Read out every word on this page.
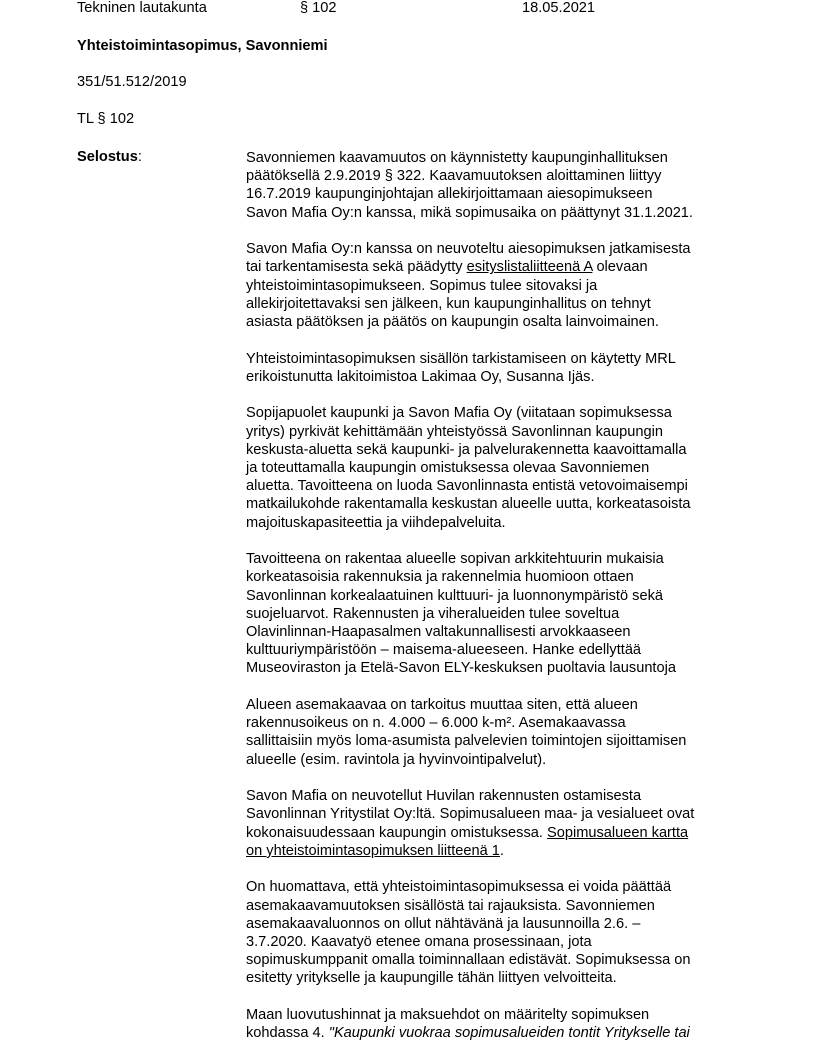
Tekninen lautakunta	§ 102	18.05.2021
Yhteistoimintasopimus, Savonniemi
351/51.512/2019
TL § 102
Selostus:	Savonniemen kaavamuutos on käynnistetty kaupunginhallituksen
päätöksellä 2.9.2019 § 322. Kaavamuutoksen aloittaminen liittyy
16.7.2019 kaupunginjohtajan allekirjoittamaan aiesopimukseen
Savon Mafia Oy:n kanssa, mikä sopimusaika on päättynyt 31.1.2021.

Savon Mafia Oy:n kanssa on neuvoteltu aiesopimuksen jatkamisesta
tai tarkentamisesta sekä päädytty esityslistaliitteenä A olevaan
yhteistoimintasopimukseen. Sopimus tulee sitovaksi ja
allekirjoitettavaksi sen jälkeen, kun kaupunginhallitus on tehnyt
asiasta päätöksen ja päätös on kaupungin osalta lainvoimainen.

Yhteistoimintasopimuksen sisällön tarkistamiseen on käytetty MRL
erikoistunutta lakitoimistoa Lakimaa Oy, Susanna Ijäs.

Sopijapuolet kaupunki ja Savon Mafia Oy (viitataan sopimuksessa
yritys) pyrkivät kehittämään yhteistyössä Savonlinnan kaupungin
keskusta-aluetta sekä kaupunki- ja palvelurakennetta kaavoittamalla
ja toteuttamalla kaupungin omistuksessa olevaa Savonniemen
aluetta. Tavoitteena on luoda Savonlinnasta entistä vetovoimaisempi
matkailukohde rakentamalla keskustan alueelle uutta, korkeatasoista
majoituskapasiteettia ja viihdepalveluita.

Tavoitteena on rakentaa alueelle sopivan arkkitehtuurin mukaisia
korkeatasoisia rakennuksia ja rakennelmia huomioon ottaen
Savonlinnan korkealaatuinen kulttuuri- ja luonnonympäristö sekä
suojeluarvot. Rakennusten ja viheralueiden tulee soveltua
Olavinlinnan-Haapasalmen valtakunnallisesti arvokkaaseen
kulttuuriympäristöön – maisema-alueeseen. Hanke edellyttää
Museoviraston ja Etelä-Savon ELY-keskuksen puoltavia lausuntoja

Alueen asemakaavaa on tarkoitus muuttaa siten, että alueen
rakennusoikeus on n. 4.000 – 6.000 k-m². Asemakaavassa
sallittaisiin myös loma-asumista palvelevien toimintojen sijoittamisen
alueelle (esim. ravintola ja hyvinvointipalvelut).

Savon Mafia on neuvotellut Huvilan rakennusten ostamisesta
Savonlinnan Yritystilat Oy:ltä. Sopimusalueen maa- ja vesialueet ovat
kokonaisuudessaan kaupungin omistuksessa. Sopimusalueen kartta
on yhteistoimintasopimuksen liitteenä 1.

On huomattava, että yhteistoimintasopimuksessa ei voida päättää
asemakaavamuutoksen sisällöstä tai rajauksista. Savonniemen
asemakaavaluonnos on ollut nähtävänä ja lausunnoilla 2.6. –
3.7.2020. Kaavatyö etenee omana prosessinaan, jota
sopimuskumppanit omalla toiminnallaan edistävät. Sopimuksessa on
esitetty yritykselle ja kaupungille tähän liittyen velvoitteita.

Maan luovutushinnat ja maksuehdot on määritelty sopimuksen
kohdassa 4. "Kaupunki vuokraa sopimusalueiden tontit Yritykselle tai
